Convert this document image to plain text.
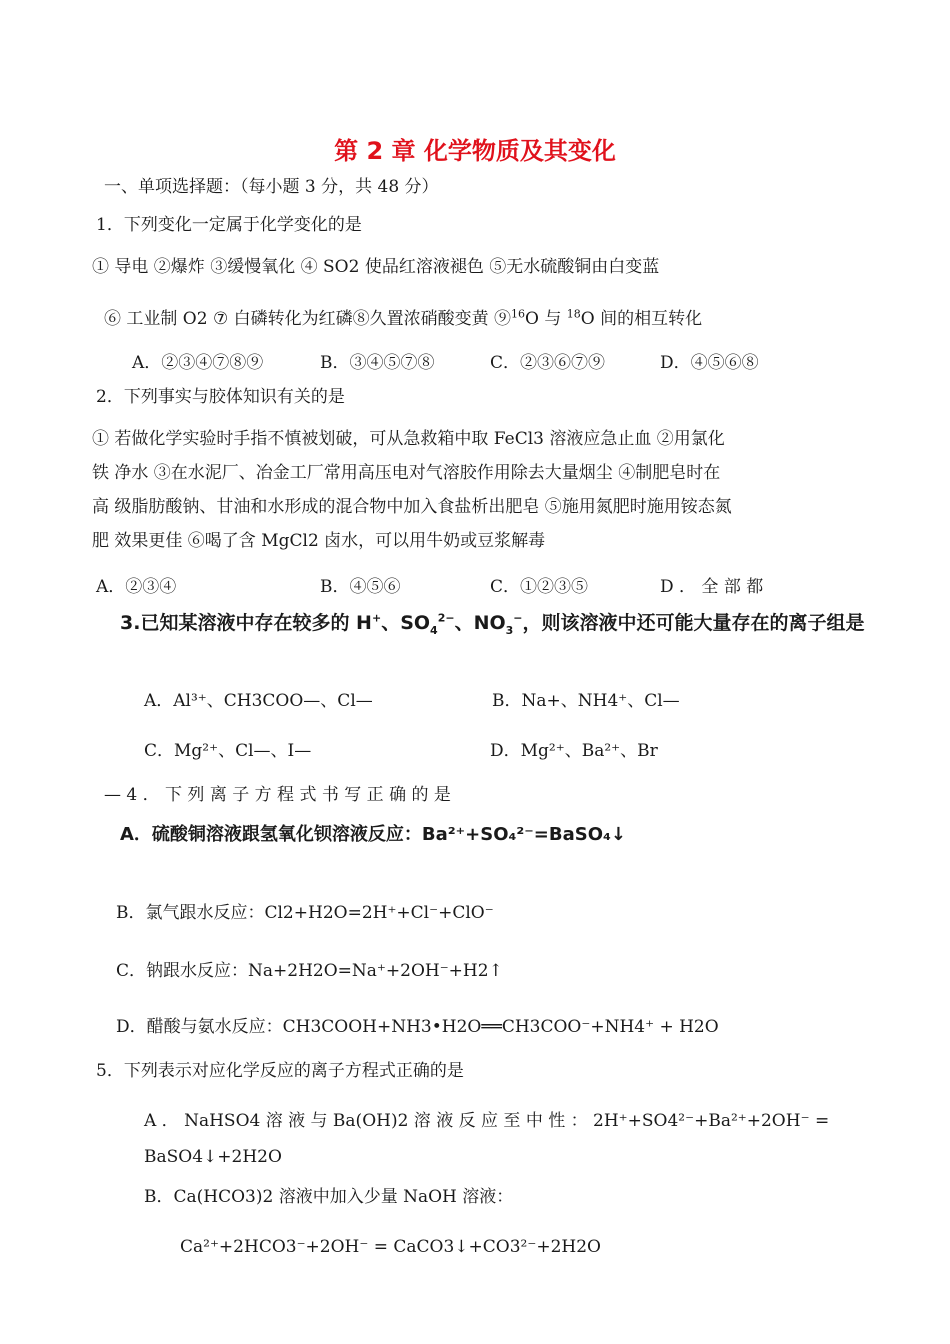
第 2 章 化学物质及其变化
一、单项选择题：（每小题 3 分，共 48 分）
1．下列变化一定属于化学变化的是
① 导电 ②爆炸 ③缓慢氧化 ④ SO2 使品红溶液褪色 ⑤无水硫酸铜由白变蓝
⑥ 工业制 O2 ⑦ 白磷转化为红磷⑧久置浓硝酸变黄 ⑨$^{16}$O 与 $^{18}$O 间的相互转化
A．②③④⑦⑧⑨	B．③④⑤⑦⑧	C．②③⑥⑦⑨	D．④⑤⑥⑧
2．下列事实与胶体知识有关的是
① 若做化学实验时手指不慎被划破，可从急救箱中取 FeCl3 溶液应急止血 ②用氯化
铁 净水 ③在水泥厂、冶金工厂常用高压电对气溶胶作用除去大量烟尘 ④制肥皂时在
高 级脂肪酸钠、甘油和水形成的混合物中加入食盐析出肥皂 ⑤施用氮肥时施用铵态氮
肥 效果更佳 ⑥喝了含 MgCl2 卤水，可以用牛奶或豆浆解毒
A．②③④	B．④⑤⑥	C．①②③⑤	D ． 全 部 都
3.已知某溶液中存在较多的 H+、$SO_4^{2-}$、$NO_3^-$，则该溶液中还可能大量存在的离子组是
A．Al³⁺、CH3COO—、Cl—	B．Na+、NH4⁺、Cl—
C．Mg²⁺、Cl—、I—	D．Mg²⁺、Ba²⁺、Br
— 4 ． 下 列 离 子 方 程 式 书 写 正 确 的 是
A．硫酸铜溶液跟氢氧化钡溶液反应：Ba²⁺+SO₄²⁻=BaSO₄↓
B．氯气跟水反应：Cl2+H2O=2H⁺+Cl⁻+ClO⁻
C．钠跟水反应：Na+2H2O=Na⁺+2OH⁻+H2↑
D．醋酸与氨水反应：CH3COOH+NH3•H2O══CH3COO⁻+NH4⁺ + H2O
5．下列表示对应化学反应的离子方程式正确的是
A ． NaHSO4 溶 液 与 Ba(OH)2 溶 液 反 应 至 中 性 ： 2H⁺+SO4²⁻+Ba²⁺+2OH⁻ =
BaSO4↓+2H2O
B．Ca(HCO3)2 溶液中加入少量 NaOH 溶液：
Ca²⁺+2HCO3⁻+2OH⁻ = CaCO3↓+CO3²⁻+2H2O
